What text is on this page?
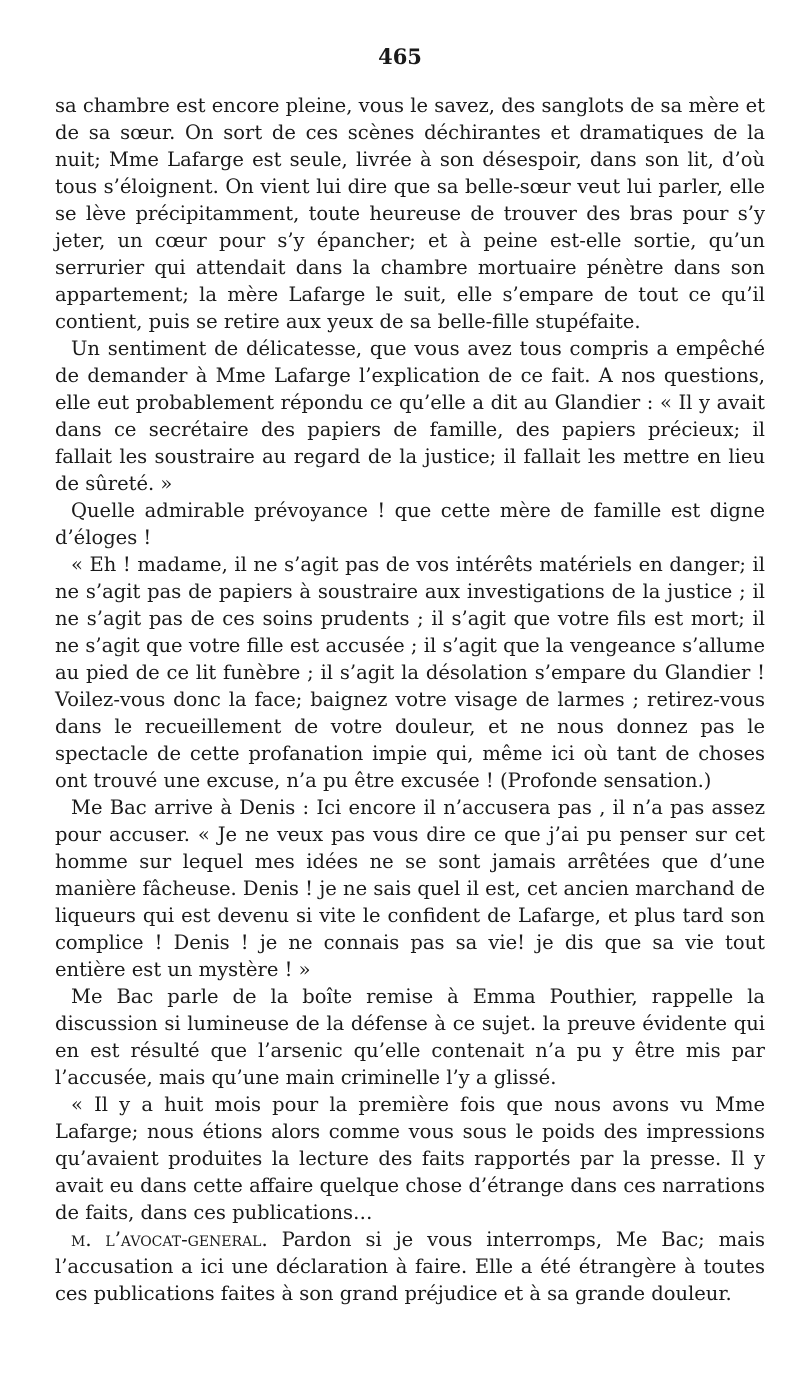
465

sa chambre est encore pleine, vous le savez, des sanglots de sa mère et de sa sœur. On sort de ces scènes déchirantes et dramatiques de la nuit; Mme Lafarge est seule, livrée à son désespoir, dans son lit, d’où tous s’éloignent. On vient lui dire que sa belle-sœur veut lui parler, elle se lève précipitamment, toute heureuse de trouver des bras pour s’y jeter, un cœur pour s’y épancher; et à peine est-elle sortie, qu’un serrurier qui attendait dans la chambre mortuaire pénètre dans son appartement; la mère Lafarge le suit, elle s’empare de tout ce qu’il contient, puis se retire aux yeux de sa belle-fille stupéfaite.

Un sentiment de délicatesse, que vous avez tous compris a empêché de demander à Mme Lafarge l’explication de ce fait. A nos questions, elle eut probablement répondu ce qu’elle a dit au Glandier : « Il y avait dans ce secrétaire des papiers de famille, des papiers précieux; il fallait les soustraire au regard de la justice; il fallait les mettre en lieu de sûreté. »

Quelle admirable prévoyance ! que cette mère de famille est digne d’éloges !

« Eh ! madame, il ne s’agit pas de vos intérêts matériels en danger; il ne s’agit pas de papiers à soustraire aux investigations de la justice ; il ne s’agit pas de ces soins prudents ; il s’agit que votre fils est mort; il ne s’agit que votre fille est accusée ; il s’agit que la vengeance s’allume au pied de ce lit funèbre ; il s’agit la désolation s’empare du Glandier ! Voilez-vous donc la face; baignez votre visage de larmes ; retirez-vous dans le recueillement de votre douleur, et ne nous donnez pas le spectacle de cette profanation impie qui, même ici où tant de choses ont trouvé une excuse, n’a pu être excusée ! (Profonde sensation.)

Me Bac arrive à Denis : Ici encore il n’accusera pas , il n’a pas assez pour accuser. « Je ne veux pas vous dire ce que j’ai pu penser sur cet homme sur lequel mes idées ne se sont jamais arrêtées que d’une manière fâcheuse. Denis ! je ne sais quel il est, cet ancien marchand de liqueurs qui est devenu si vite le confident de Lafarge, et plus tard son complice ! Denis ! je ne connais pas sa vie! je dis que sa vie tout entière est un mystère ! »

Me Bac parle de la boîte remise à Emma Pouthier, rappelle la discussion si lumineuse de la défense à ce sujet. la preuve évidente qui en est résulté que l’arsenic qu’elle contenait n’a pu y être mis par l’accusée, mais qu’une main criminelle l’y a glissé.

« Il y a huit mois pour la première fois que nous avons vu Mme Lafarge; nous étions alors comme vous sous le poids des impressions qu’avaient produites la lecture des faits rapportés par la presse. Il y avait eu dans cette affaire quelque chose d’étrange dans ces narrations de faits, dans ces publications…

m. l’avocat-general. Pardon si je vous interromps, Me Bac; mais l’accusation a ici une déclaration à faire. Elle a été étrangère à toutes ces publications faites à son grand préjudice et à sa grande douleur.
